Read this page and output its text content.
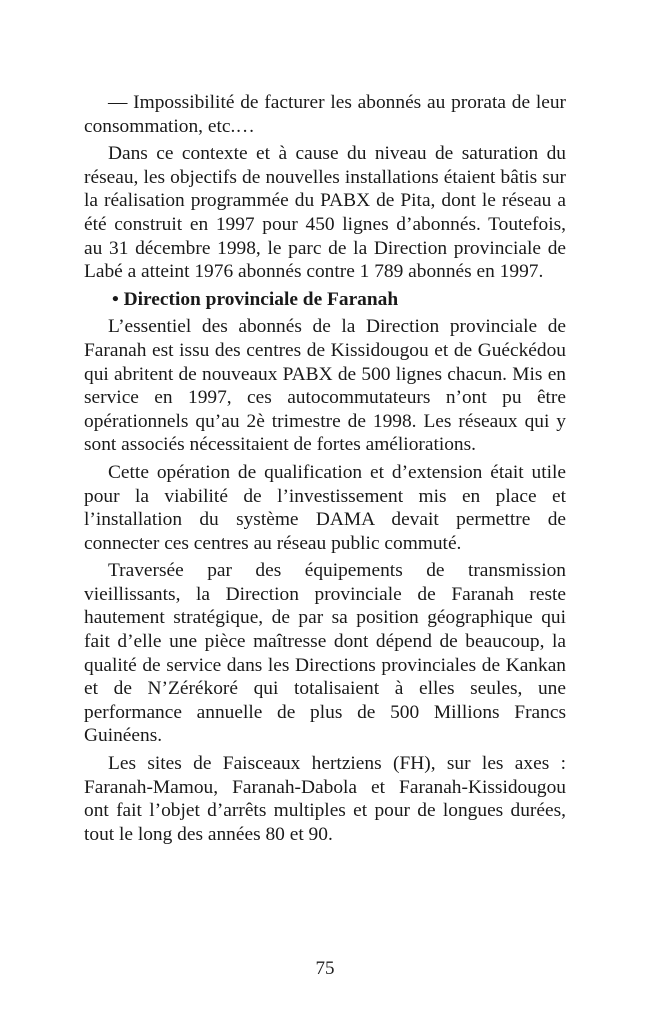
— Impossibilité de facturer les abonnés au prorata de leur consommation, etc.…

Dans ce contexte et à cause du niveau de saturation du réseau, les objectifs de nouvelles installations étaient bâtis sur la réalisation programmée du PABX de Pita, dont le réseau a été construit en 1997 pour 450 lignes d’abonnés. Toutefois, au 31 décembre 1998, le parc de la Direction provinciale de Labé a atteint 1976 abonnés contre 1 789 abonnés en 1997.

• Direction provinciale de Faranah

L’essentiel des abonnés de la Direction provinciale de Faranah est issu des centres de Kissidougou et de Guéckédou qui abritent de nouveaux PABX de 500 lignes chacun. Mis en service en 1997, ces autocommutateurs n’ont pu être opérationnels qu’au 2è trimestre de 1998. Les réseaux qui y sont associés nécessitaient de fortes améliorations.

Cette opération de qualification et d’extension était utile pour la viabilité de l’investissement mis en place et l’installation du système DAMA devait permettre de connecter ces centres au réseau public commuté.

Traversée par des équipements de transmission vieillissants, la Direction provinciale de Faranah reste hautement stratégique, de par sa position géographique qui fait d’elle une pièce maîtresse dont dépend de beaucoup, la qualité de service dans les Directions provinciales de Kankan et de N’Zérékoré qui totalisaient à elles seules, une performance annuelle de plus de 500 Millions Francs Guinéens.

Les sites de Faisceaux hertziens (FH), sur les axes : Faranah-Mamou, Faranah-Dabola et Faranah-Kissidougou ont fait l’objet d’arrêts multiples et pour de longues durées, tout le long des années 80 et 90.

75
